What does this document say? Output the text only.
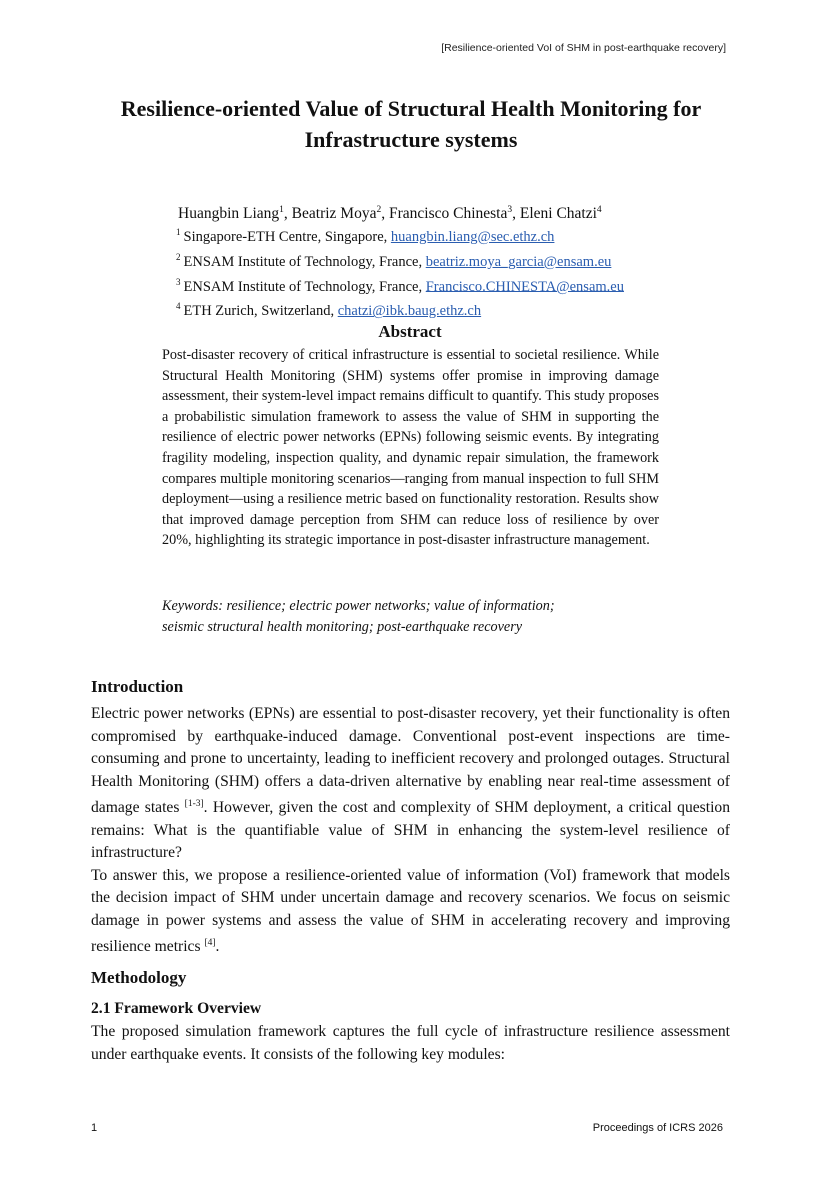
[Resilience-oriented VoI of SHM in post-earthquake recovery]
Resilience-oriented Value of Structural Health Monitoring for
Infrastructure systems
Huangbin Liang$^1$, Beatriz Moya$^2$, Francisco Chinesta$^3$, Eleni Chatzi$^4$
$^1$ Singapore-ETH Centre, Singapore, huangbin.liang@sec.ethz.ch
$^2$ ENSAM Institute of Technology, France, beatriz.moya_garcia@ensam.eu
$^3$ ENSAM Institute of Technology, France, Francisco.CHINESTA@ensam.eu
$^4$ ETH Zurich, Switzerland, chatzi@ibk.baug.ethz.ch
Abstract

Post-disaster recovery of critical infrastructure is essential to societal resilience. While Structural Health Monitoring (SHM) systems offer promise in improving damage assessment, their system-level impact remains difficult to quantify. This study proposes a probabilistic simulation framework to assess the value of SHM in supporting the resilience of electric power networks (EPNs) following seismic events. By integrating fragility modeling, inspection quality, and dynamic repair simulation, the framework compares multiple monitoring scenarios—ranging from manual inspection to full SHM deployment—using a resilience metric based on functionality restoration. Results show that improved damage perception from SHM can reduce loss of resilience by over 20%, highlighting its strategic importance in post-disaster infrastructure management.

Keywords: resilience; electric power networks; value of information;
seismic structural health monitoring; post-earthquake recovery

Introduction

Electric power networks (EPNs) are essential to post-disaster recovery, yet their functionality is often compromised by earthquake-induced damage. Conventional post-event inspections are time-consuming and prone to uncertainty, leading to inefficient recovery and prolonged outages. Structural Health Monitoring (SHM) offers a data-driven alternative by enabling near real-time assessment of damage states [1-3]. However, given the cost and complexity of SHM deployment, a critical question remains: What is the quantifiable value of SHM in enhancing the system-level resilience of infrastructure?

To answer this, we propose a resilience-oriented value of information (VoI) framework that models the decision impact of SHM under uncertain damage and recovery scenarios. We focus on seismic damage in power systems and assess the value of SHM in accelerating recovery and improving resilience metrics [4].

Methodology
2.1 Framework Overview

The proposed simulation framework captures the full cycle of infrastructure resilience assessment under earthquake events. It consists of the following key modules:

1	Proceedings of ICRS 2026
